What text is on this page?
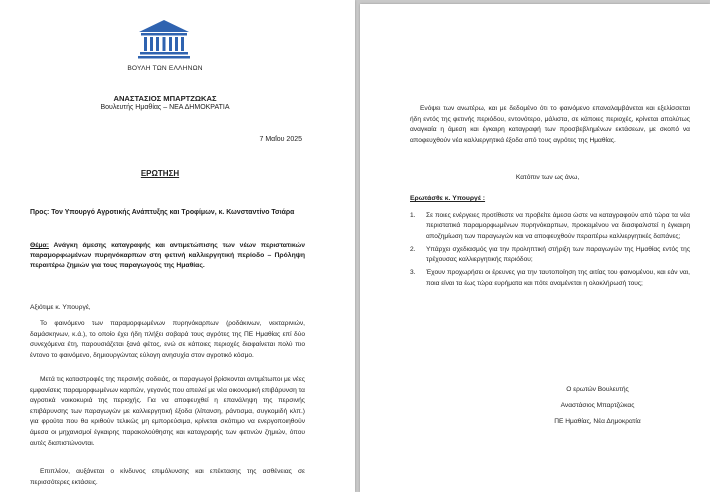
ΒΟΥΛΗ ΤΩΝ ΕΛΛΗΝΩΝ
ΑΝΑΣΤΑΣΙΟΣ ΜΠΑΡΤΖΩΚΑΣ
Βουλευτής Ημαθίας – ΝΕΑ ΔΗΜΟΚΡΑΤΙΑ
7 Μαΐου 2025
ΕΡΩΤΗΣΗ
Προς: Τον Υπουργό Αγροτικής Ανάπτυξης και Τροφίμων, κ. Κωνσταντίνο Τσιάρα
Θέμα: Ανάγκη άμεσης καταγραφής και αντιμετώπισης των νέων περιστατικών παραμορφωμένων πυρηνόκαρπων στη φετινή καλλιεργητική περίοδο – Πρόληψη περαιτέρω ζημιών για τους παραγωγούς της Ημαθίας.
Αξιότιμε κ. Υπουργέ,

Το φαινόμενο των παραμορφωμένων πυρηνόκαρπων (ροδάκινων, νεκταρινιών, δαμάσκηνων, κ.ά.), το οποίο έχει ήδη πλήξει σοβαρά τους αγρότες της ΠΕ Ημαθίας επί δύο συνεχόμενα έτη, παρουσιάζεται ξανά φέτος, ενώ σε κάποιες περιοχές διαφαίνεται πολύ πιο έντονο το φαινόμενο, δημιουργώντας εύλογη ανησυχία στον αγροτικό κόσμο.

Μετά τις καταστροφές της περσινής σοδειάς, οι παραγωγοί βρίσκονται αντιμέτωποι με νέες εμφανίσεις παραμορφωμένων καρπών, γεγονός που απειλεί με νέα οικονομική επιβάρυνση τα αγροτικά νοικοκυριά της περιοχής. Για να αποφευχθεί η επανάληψη της περσινής επιβάρυνσης των παραγωγών με καλλιεργητική έξοδα (λίπανση, ράντισμα, συγκομιδή κλπ.) για φρούτα που θα κριθούν τελικώς μη εμπορεύσιμα, κρίνεται σκόπιμο να ενεργοποιηθούν άμεσα οι μηχανισμοί έγκαιρης παρακολούθησης και καταγραφής των φετινών ζημιών, όπου αυτές διαπιστώνονται.

Επιπλέον, αυξάνεται ο κίνδυνος επιμόλυνσης και επέκτασης της ασθένειας σε περισσότερες εκτάσεις.

Ενόψει των ανωτέρω, και με δεδομένο ότι το φαινόμενο επαναλαμβάνεται και εξελίσσεται ήδη εντός της φετινής περιόδου, εντονότερο, μάλιστα, σε κάποιες περιοχές, κρίνεται απολύτως αναγκαία η άμεση και έγκαιρη καταγραφή των προσβεβλημένων εκτάσεων, με σκοπό να αποφευχθούν νέα καλλιεργητικά έξοδα από τους αγρότες της Ημαθίας.

Κατόπιν των ως άνω,
Ερωτάσθε κ. Υπουργέ :
1.	Σε ποιες ενέργειες προτίθεστε να προβείτε άμεσα ώστε να καταγραφούν από τώρα τα νέα περιστατικά παραμορφωμένων πυρηνόκαρπων, προκειμένου να διασφαλιστεί η έγκαιρη αποζημίωση των παραγωγών και να αποφευχθούν περαιτέρω καλλιεργητικές δαπάνες;
2.	Υπάρχει σχεδιασμός για την προληπτική στήριξη των παραγωγών της Ημαθίας εντός της τρέχουσας καλλιεργητικής περιόδου;
3.	Έχουν προχωρήσει οι έρευνες για την ταυτοποίηση της αιτίας του φαινομένου, και εάν ναι, ποια είναι τα έως τώρα ευρήματα και πότε αναμένεται η ολοκλήρωσή τους;
Ο ερωτών Βουλευτής
Αναστάσιος Μπαρτζώκας
ΠΕ Ημαθίας, Νέα Δημοκρατία
